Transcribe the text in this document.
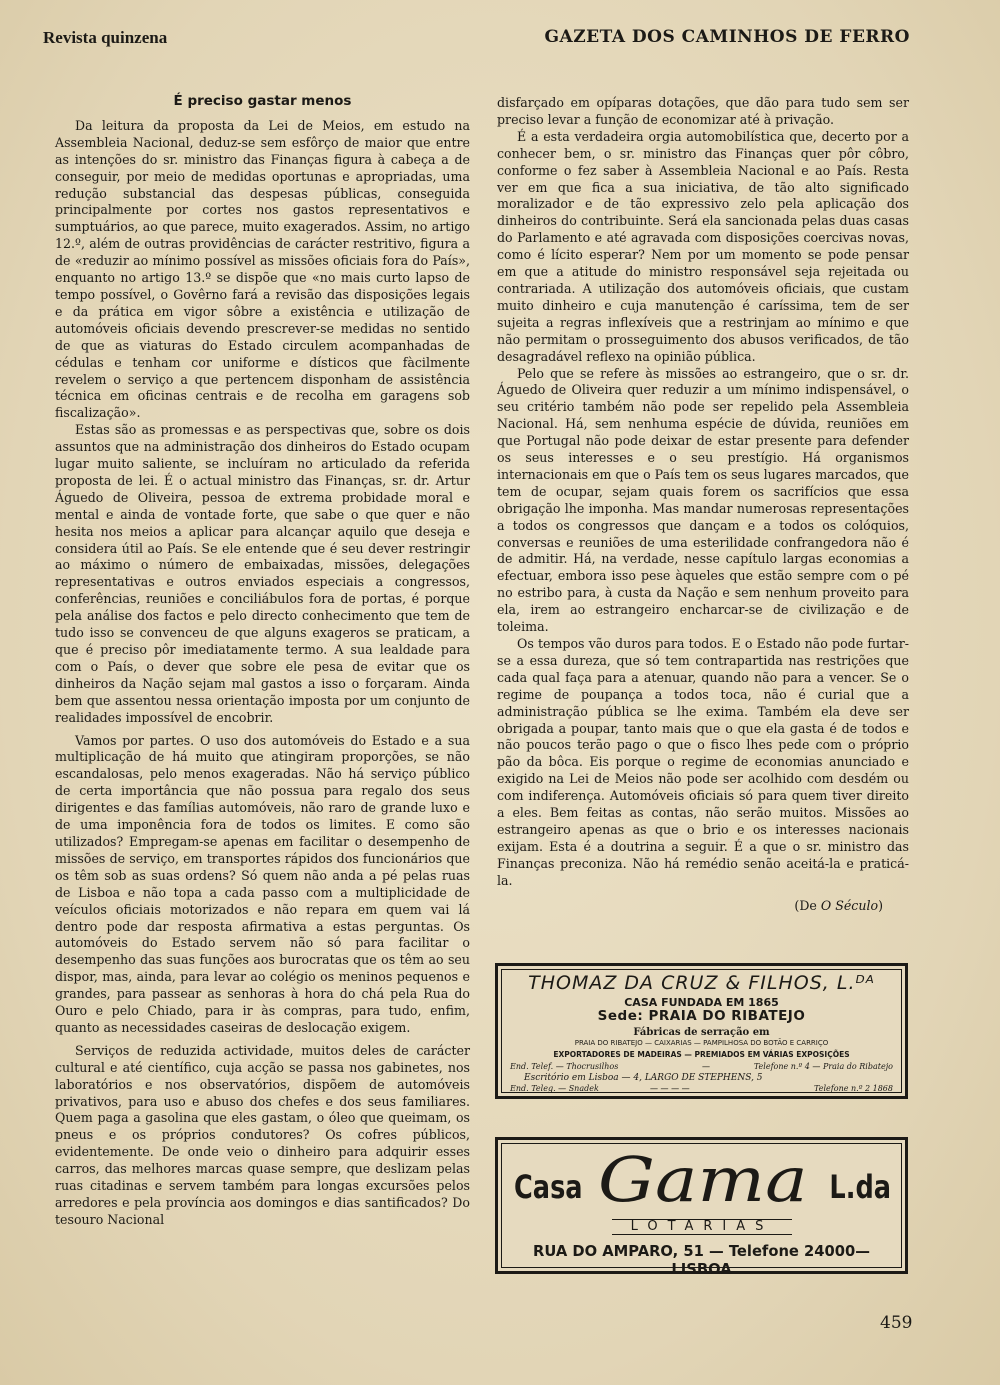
Revista quinzena	GAZETA DOS CAMINHOS DE FERRO
É preciso gastar menos

Da leitura da proposta da Lei de Meios, em estudo na Assembleia Nacional, deduz-se sem esfôrço de maior que entre as intenções do sr. ministro das Finanças figura à cabeça a de conseguir, por meio de medidas oportunas e apropriadas, uma redução substancial das despesas públicas, conseguida principalmente por cortes nos gastos representativos e sumptuários, ao que parece, muito exagerados. Assim, no artigo 12.º, além de outras providências de carácter restritivo, figura a de «reduzir ao mínimo possível as missões oficiais fora do País», enquanto no artigo 13.º se dispõe que «no mais curto lapso de tempo possível, o Govêrno fará a revisão das disposições legais e da prática em vigor sôbre a existência e utilização de automóveis oficiais devendo prescrever-se medidas no sentido de que as viaturas do Estado circulem acompanhadas de cédulas e tenham cor uniforme e dísticos que fàcilmente revelem o serviço a que pertencem disponham de assistência técnica em oficinas centrais e de recolha em garagens sob fiscalização».

Estas são as promessas e as perspectivas que, sobre os dois assuntos que na administração dos dinheiros do Estado ocupam lugar muito saliente, se incluíram no articulado da referida proposta de lei. É o actual ministro das Finanças, sr. dr. Artur Águedo de Oliveira, pessoa de extrema probidade moral e mental e ainda de vontade forte, que sabe o que quer e não hesita nos meios a aplicar para alcançar aquilo que deseja e considera útil ao País. Se ele entende que é seu dever restringir ao máximo o número de embaixadas, missões, delegações representativas e outros enviados especiais a congressos, conferências, reuniões e conciliábulos fora de portas, é porque pela análise dos factos e pelo directo conhecimento que tem de tudo isso se convenceu de que alguns exageros se praticam, a que é preciso pôr imediatamente termo. A sua lealdade para com o País, o dever que sobre ele pesa de evitar que os dinheiros da Nação sejam mal gastos a isso o forçaram. Ainda bem que assentou nessa orientação imposta por um conjunto de realidades impossível de encobrir.

Vamos por partes. O uso dos automóveis do Estado e a sua multiplicação de há muito que atingiram proporções, se não escandalosas, pelo menos exageradas. Não há serviço público de certa importância que não possua para regalo dos seus dirigentes e das famílias automóveis, não raro de grande luxo e de uma imponência fora de todos os limites. E como são utilizados? Empregam-se apenas em facilitar o desempenho de missões de serviço, em transportes rápidos dos funcionários que os têm sob as suas ordens? Só quem não anda a pé pelas ruas de Lisboa e não topa a cada passo com a multiplicidade de veículos oficiais motorizados e não repara em quem vai lá dentro pode dar resposta afirmativa a estas perguntas. Os automóveis do Estado servem não só para facilitar o desempenho das suas funções aos burocratas que os têm ao seu dispor, mas, ainda, para levar ao colégio os meninos pequenos e grandes, para passear as senhoras à hora do chá pela Rua do Ouro e pelo Chiado, para ir às compras, para tudo, enfim, quanto as necessidades caseiras de deslocação exigem.

Serviços de reduzida actividade, muitos deles de carácter cultural e até científico, cuja acção se passa nos gabinetes, nos laboratórios e nos observatórios, dispõem de automóveis privativos, para uso e abuso dos chefes e dos seus familiares. Quem paga a gasolina que eles gastam, o óleo que queimam, os pneus e os próprios condutores? Os cofres públicos, evidentemente. De onde veio o dinheiro para adquirir esses carros, das melhores marcas quase sempre, que deslizam pelas ruas citadinas e servem também para longas excursões pelos arredores e pela província aos domingos e dias santificados? Do tesouro Nacional

disfarçado em opíparas dotações, que dão para tudo sem ser preciso levar a função de economizar até à privação.

É a esta verdadeira orgia automobilística que, decerto por a conhecer bem, o sr. ministro das Finanças quer pôr côbro, conforme o fez saber à Assembleia Nacional e ao País. Resta ver em que fica a sua iniciativa, de tão alto significado moralizador e de tão expressivo zelo pela aplicação dos dinheiros do contribuinte. Será ela sancionada pelas duas casas do Parlamento e até agravada com disposições coercivas novas, como é lícito esperar? Nem por um momento se pode pensar em que a atitude do ministro responsável seja rejeitada ou contrariada. A utilização dos automóveis oficiais, que custam muito dinheiro e cuja manutenção é caríssima, tem de ser sujeita a regras inflexíveis que a restrinjam ao mínimo e que não permitam o prosseguimento dos abusos verificados, de tão desagradável reflexo na opinião pública.

Pelo que se refere às missões ao estrangeiro, que o sr. dr. Águedo de Oliveira quer reduzir a um mínimo indispensável, o seu critério também não pode ser repelido pela Assembleia Nacional. Há, sem nenhuma espécie de dúvida, reuniões em que Portugal não pode deixar de estar presente para defender os seus interesses e o seu prestígio. Há organismos internacionais em que o País tem os seus lugares marcados, que tem de ocupar, sejam quais forem os sacrifícios que essa obrigação lhe imponha. Mas mandar numerosas representações a todos os congressos que dançam e a todos os colóquios, conversas e reuniões de uma esterilidade confrangedora não é de admitir. Há, na verdade, nesse capítulo largas economias a efectuar, embora isso pese àqueles que estão sempre com o pé no estribo para, à custa da Nação e sem nenhum proveito para ela, irem ao estrangeiro encharcar-se de civilização e de toleima.

Os tempos vão duros para todos. E o Estado não pode furtar-se a essa dureza, que só tem contrapartida nas restrições que cada qual faça para a atenuar, quando não para a vencer. Se o regime de poupança a todos toca, não é curial que a administração pública se lhe exima. Também ela deve ser obrigada a poupar, tanto mais que o que ela gasta é de todos e não poucos terão pago o que o fisco lhes pede com o próprio pão da bôca. Eis porque o regime de economias anunciado e exigido na Lei de Meios não pode ser acolhido com desdém ou com indiferença. Automóveis oficiais só para quem tiver direito a eles. Bem feitas as contas, não serão muitos. Missões ao estrangeiro apenas as que o brio e os interesses nacionais exijam. Esta é a doutrina a seguir. É a que o sr. ministro das Finanças preconiza. Não há remédio senão aceitá-la e praticá-la.

(De O Século)
THOMAZ DA CRUZ & FILHOS, L.ᴰᴬ
CASA FUNDADA EM 1865
Sede: PRAIA DO RIBATEJO
Fábricas de serração em
PRAIA DO RIBATEJO — CAIXARIAS — PAMPILHOSA DO BOTÃO E CARRIÇO
EXPORTADORES DE MADEIRAS — PREMIADOS EM VÁRIAS EXPOSIÇÕES
End. Telef. — Thocrusilhos	—	Telefone n.º 4 — Praia do Ribatejo
Escritório em Lisboa — 4, LARGO DE STEPHENS, 5
End. Teleg. — Snadek	— — — —	Telefone n.º 2 1868
Casa Gama L.da
LOTARIAS
RUA DO AMPARO, 51 — Telefone 24000—LISBOA
459
